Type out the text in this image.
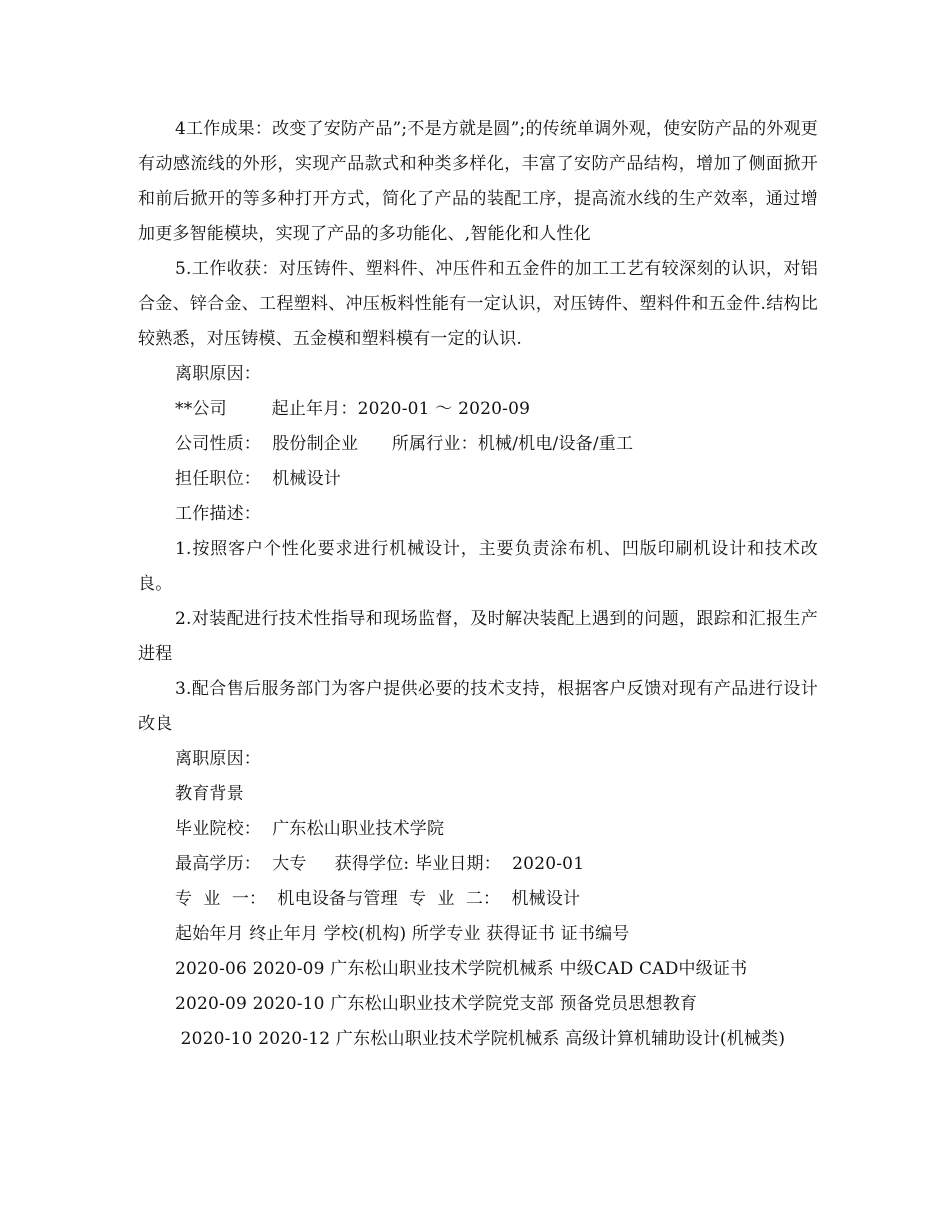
4工作成果：改变了安防产品”;不是方就是圆”;的传统单调外观，使安防产品的外观更有动感流线的外形，实现产品款式和种类多样化，丰富了安防产品结构，增加了侧面掀开和前后掀开的等多种打开方式，简化了产品的装配工序，提高流水线的生产效率，通过增加更多智能模块，实现了产品的多功能化、,智能化和人性化

5.工作收获：对压铸件、塑料件、冲压件和五金件的加工工艺有较深刻的认识，对铝合金、锌合金、工程塑料、冲压板料性能有一定认识，对压铸件、塑料件和五金件.结构比较熟悉，对压铸模、五金模和塑料模有一定的认识.

离职原因：

**公司        起止年月：2020-01 ～ 2020-09

公司性质：  股份制企业      所属行业：机械/机电/设备/重工

担任职位：  机械设计

工作描述：

1.按照客户个性化要求进行机械设计，主要负责涂布机、凹版印刷机设计和技术改良。

2.对装配进行技术性指导和现场监督，及时解决装配上遇到的问题，跟踪和汇报生产进程

3.配合售后服务部门为客户提供必要的技术支持，根据客户反馈对现有产品进行设计改良

离职原因：

教育背景

毕业院校：  广东松山职业技术学院

最高学历：  大专     获得学位: 毕业日期：  2020-01

专  业  一：  机电设备与管理  专  业  二：  机械设计

起始年月 终止年月 学校(机构) 所学专业 获得证书 证书编号

2020-06 2020-09 广东松山职业技术学院机械系 中级CAD CAD中级证书

2020-09 2020-10 广东松山职业技术学院党支部 预备党员思想教育

2020-10 2020-12 广东松山职业技术学院机械系 高级计算机辅助设计(机械类)
